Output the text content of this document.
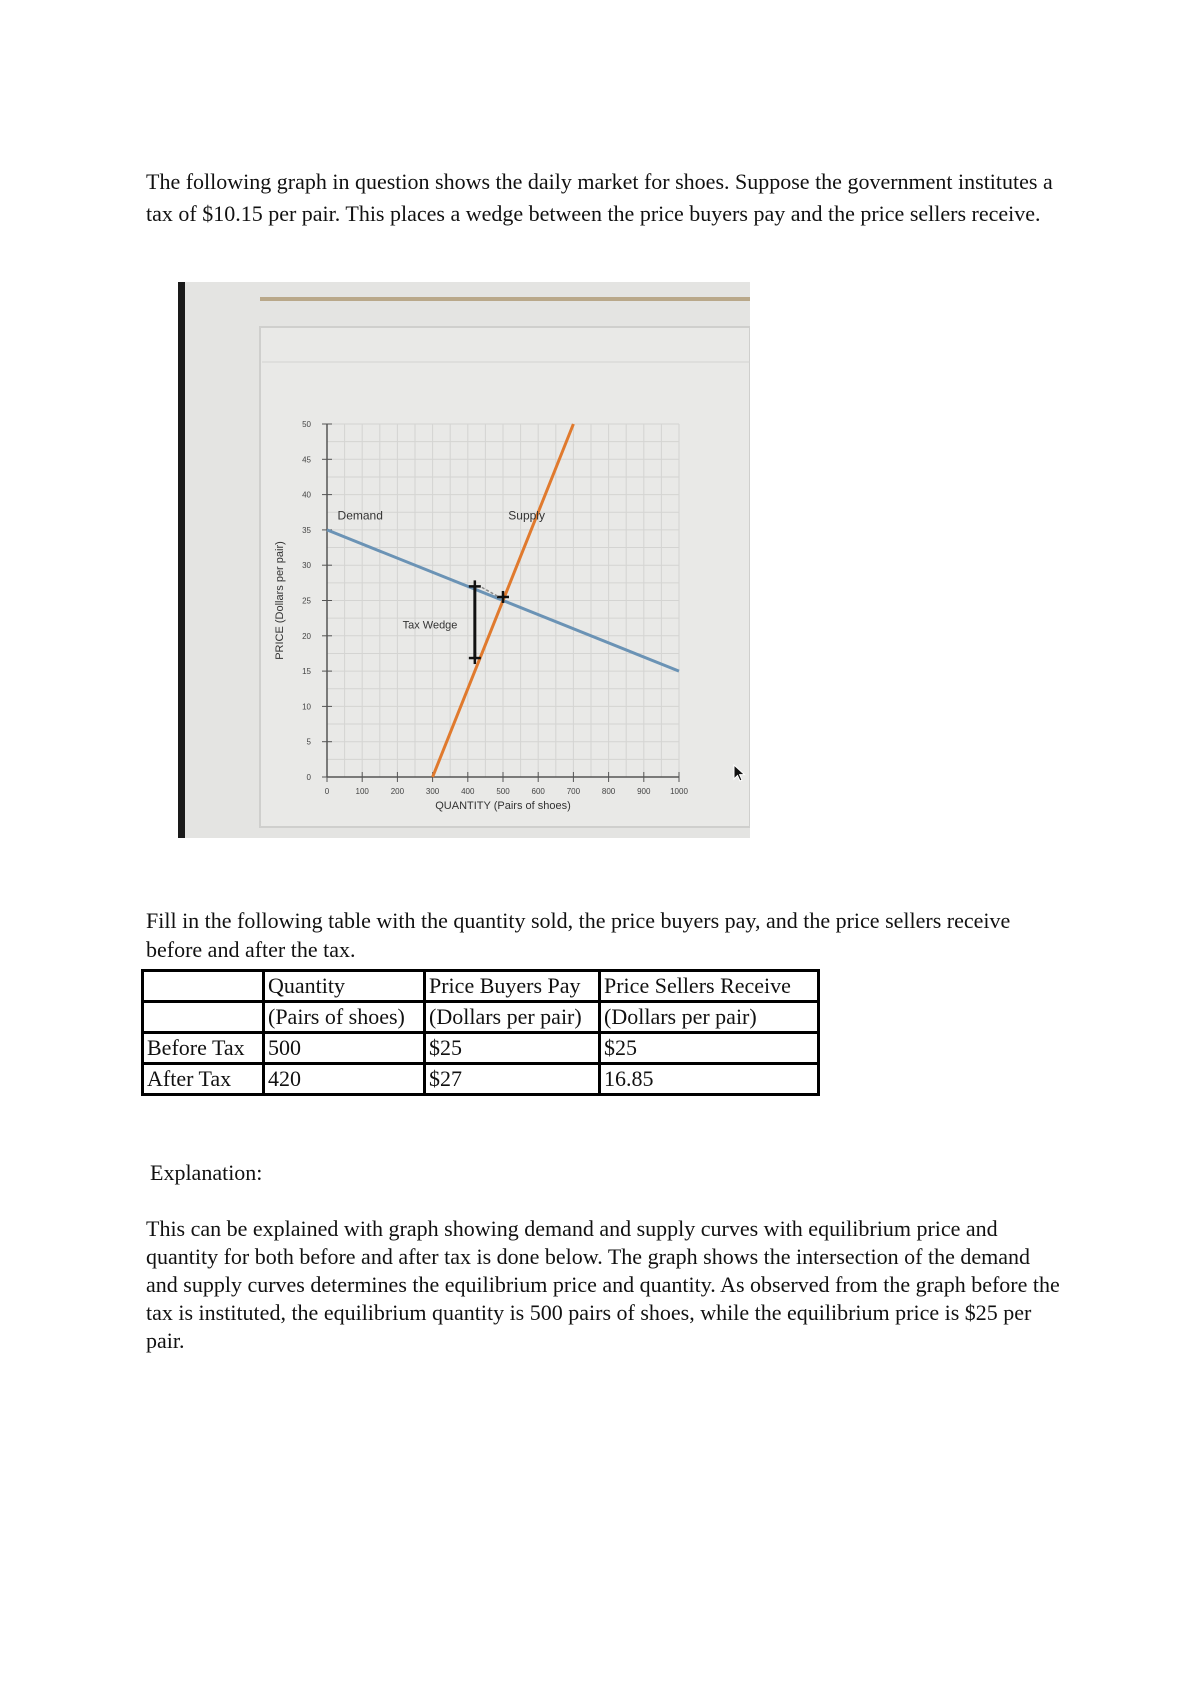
The following graph in question shows the daily market for shoes. Suppose the government institutes a tax of $10.15 per pair. This places a wedge between the price buyers pay and the price sellers receive.

0
5
10
15
20
25
30
35
40
45
50
0	100	200	300	400	500	600	700	800	900 1000
Tax Wedge
QUANTITY (Pairs of shoes)
PRICE (Dollars per pair)
Demand	Supply

Fill in the following table with the quantity sold, the price buyers pay, and the price sellers receive before and after the tax.

	Quantity	Price Buyers Pay	Price Sellers Receive
	(Pairs of shoes)	(Dollars per pair)	(Dollars per pair)
Before Tax	500	$25	$25
After Tax	420	$27	16.85

Explanation:

This can be explained with graph showing demand and supply curves with equilibrium price and quantity for both before and after tax is done below. The graph shows the intersection of the demand and supply curves determines the equilibrium price and quantity. As observed from the graph before the tax is instituted, the equilibrium quantity is 500 pairs of shoes, while the equilibrium price is $25 per pair.
